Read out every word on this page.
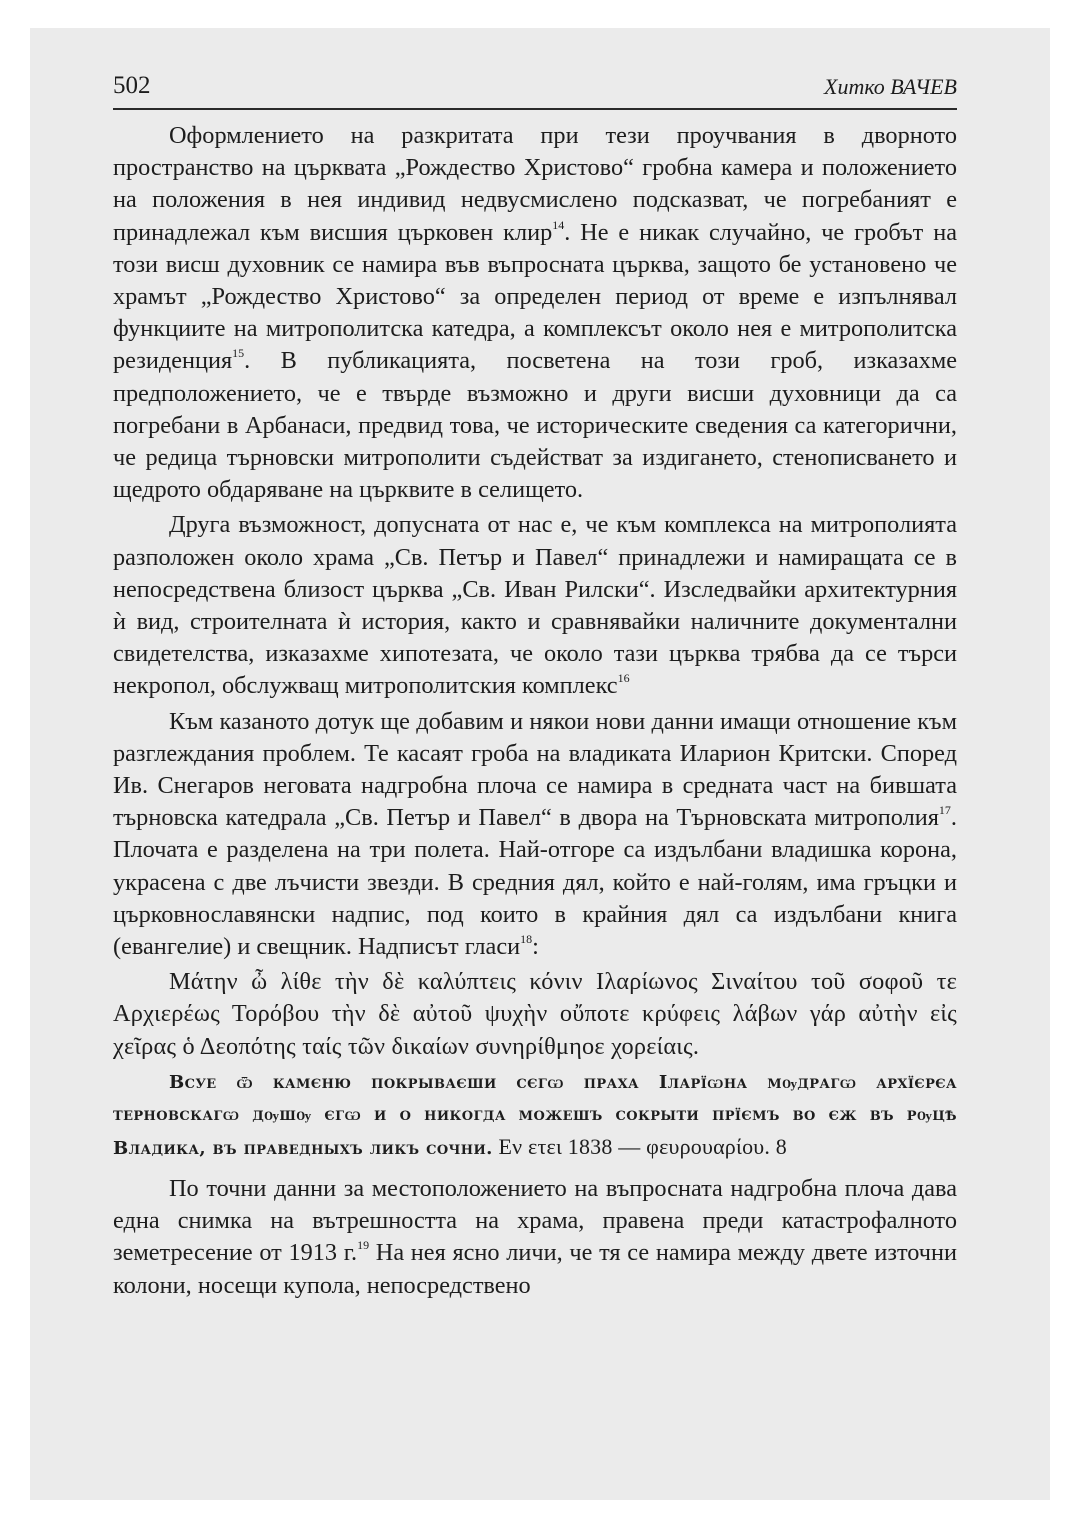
502	Хитко ВАЧЕВ

Оформлението на разкритата при тези проучвания в дворното пространство на църквата „Рождество Христово“ гробна камера и положението на положения в нея индивид недвусмислено подсказват, че погребаният е принадлежал към висшия църковен клир$^{14}$. Не е никак случайно, че гробът на този висш духовник се намира във въпросната църква, защото бе установено че храмът „Рождество Христово“ за определен период от време е изпълнявал функциите на митрополитска катедра, а комплексът около нея е митрополитска резиденция$^{15}$. В публикацията, посветена на този гроб, изказахме предположението, че е твърде възможно и други висши духовници да са погребани в Арбанаси, предвид това, че историческите сведения са категорични, че редица търновски митрополити съдействат за издигането, стенописването и щедрото обдаряване на църквите в селището.

Друга възможност, допусната от нас е, че към комплекса на митрополията разположен около храма „Св. Петър и Павел“ принадлежи и намиращата се в непосредствена близост църква „Св. Иван Рилски“. Изследвайки архитектурния ѝ вид, строителната ѝ история, както и сравнявайки наличните документални свидетелства, изказахме хипотезата, че около тази църква трябва да се търси некропол, обслужващ митрополитския комплекс$^{16}$

Към казаното дотук ще добавим и някои нови данни имащи отношение към разглеждания проблем. Те касаят гроба на владиката Иларион Критски. Според Ив. Снегаров неговата надгробна плоча се намира в средната част на бившата търновска катедрала „Св. Петър и Павел“ в двора на Търновската митрополия$^{17}$. Плочата е разделена на три полета. Най-отгоре са издълбани владишка корона, украсена с две лъчисти звезди. В средния дял, който е най-голям, има гръцки и църковнославянски надпис, под които в крайния дял са издълбани книга (евангелие) и свещник. Надписът гласи$^{18}$:

Μάτην ὦ λίθε τὴν δὲ καλύπτεις κόνιν Ιλαρίωνος Σιναίτου τοῦ σοφοῦ τε Αρχιερέως Τορόβου τὴν δὲ αὐτοῦ ψυχὴν οὔποτε κρύφεις λάβων γάρ αὐτὴν εἰς χεῖρας ὁ Δεοπότης ταίς τῶν δικαίων συνηρίθμηοε χορείαις.

Всуе ѿ камєню покрываєши сєгѡ праха Іларїѡна мѹдрагѡ архїєрєа терновскагѡ дѹшѹ єгѡ и о никогда можешъ сокрыти прїємъ во єж въ рѹцѣ Владика, въ праведныхъ ликъ сочни. Εν ετει 1838 — φευρουαρίου. 8

По точни данни за местоположението на въпросната надгробна плоча дава една снимка на вътрешността на храма, правена преди катастрофалното земетресение от 1913 г.$^{19}$ На нея ясно личи, че тя се намира между двете източни колони, носещи купола, непосредствено
